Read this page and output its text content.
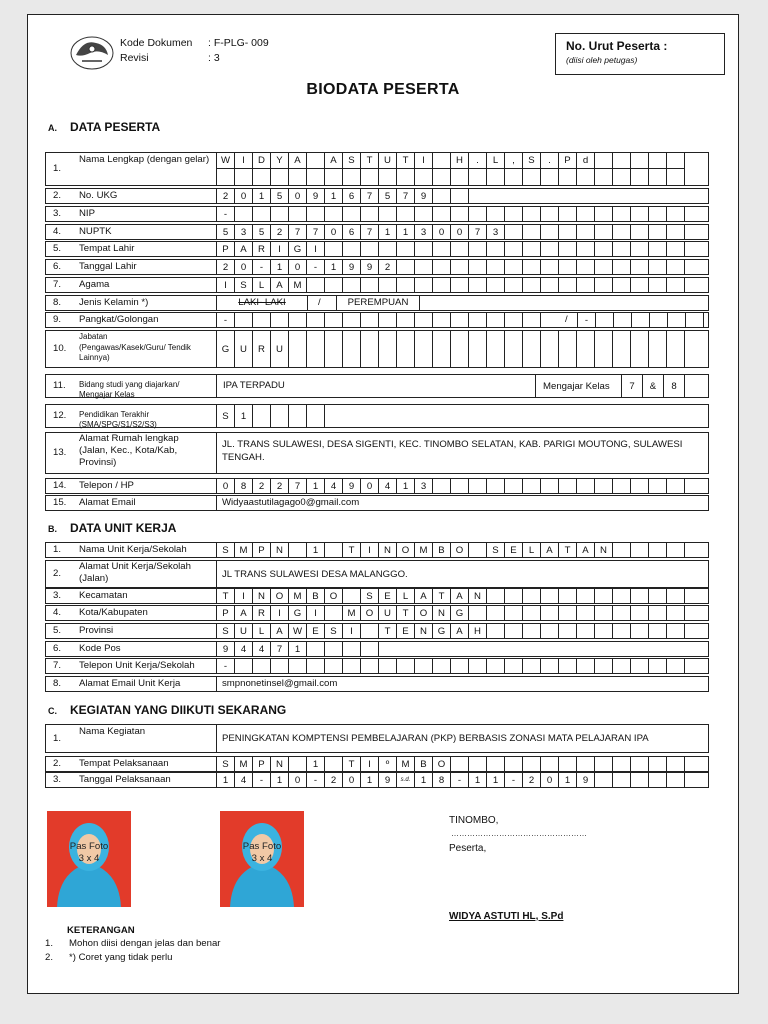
Kode Dokumen : F-PLG- 009
Revisi	: 3
No. Urut Peserta :
(diisi oleh petugas)
BIODATA PESERTA
A. DATA PESERTA
1.
Nama Lengkap (dengan gelar)	W	I	D	Y	A	A	S	T	U	T	I	H	.	L	,	S	.	P	d
2. No. UKG	2	0	1	5	0	9	1	6	7	5	7	9
3. NIP	-
4. NUPTK	5	3	5	2	7	7	0	6	7	1	1	3	0	0	7	3
5. Tempat Lahir	P	A	R	I	G	I
6. Tanggal Lahir	2	0	-	1	0	-	1	9	9	2
7. Agama	I	S	L	A	M
8. Jenis Kelamin *)	LAKI- LAKI	/	PEREMPUAN
9. Pangkat/Golongan	-	/	-
10.
Jabatan
G	U	R	U
(Pengawas/Kasek/Guru/ Tendik Lainnya)
11. Bidang studi yang diajarkan/ Mengajar Kelas
IPA TERPADU	Mengajar Kelas	7	&	8
12. Pendidikan Terakhir (SMA/SPG/S1/S2/S3)
S	1
13.
Alamat Rumah lengkap (Jalan, Kec., Kota/Kab, Provinsi)
JL. TRANS SULAWESI, DESA SIGENTI, KEC. TINOMBO SELATAN, KAB. PARIGI MOUTONG, SULAWESI TENGAH.
14. Telepon / HP	0	8	2	2	7	1	4	9	0	4	1	3
15. Alamat Email	Widyaastutilagago0@gmail.com
B. DATA UNIT KERJA
1. Nama Unit Kerja/Sekolah	S	M	P	N	1	T	I	N	O	M	B	O	S	E	L	A	T	A	N
2.
Alamat Unit Kerja/Sekolah (Jalan)	JL TRANS SULAWESI DESA MALANGGO.
3. Kecamatan	T	I	N	O	M	B	O	S	E	L	A	T	A	N
4. Kota/Kabupaten	P	A	R	I	G	I	M	O	U	T	O	N	G
5. Provinsi	S	U	L	A	W	E	S	I	T	E	N	G	A	H
6. Kode Pos	9	4	4	7	1
7. Telepon Unit Kerja/Sekolah	-
8. Alamat Email Unit Kerja	smpnonetinsel@gmail.com
C. KEGIATAN YANG DIIKUTI SEKARANG
1.
Nama Kegiatan
PENINGKATAN KOMPTENSI PEMBELAJARAN (PKP) BERBASIS ZONASI MATA PELAJARAN IPA
2. Tempat Pelaksanaan	S	M	P	N	1	T	I	º	M	B	O
3. Tanggal Pelaksanaan	1	4	-	1	0	-	2	0	1	9	s.d.	1	8	-	1	1	-	2	0	1	9
Pas Foto
3 x 4
Pas Foto
3 x 4
TINOMBO,
……………………………………………
Peserta,
WIDYA ASTUTI HL, S.Pd
KETERANGAN
1. Mohon diisi dengan jelas dan benar
2. *) Coret yang tidak perlu
